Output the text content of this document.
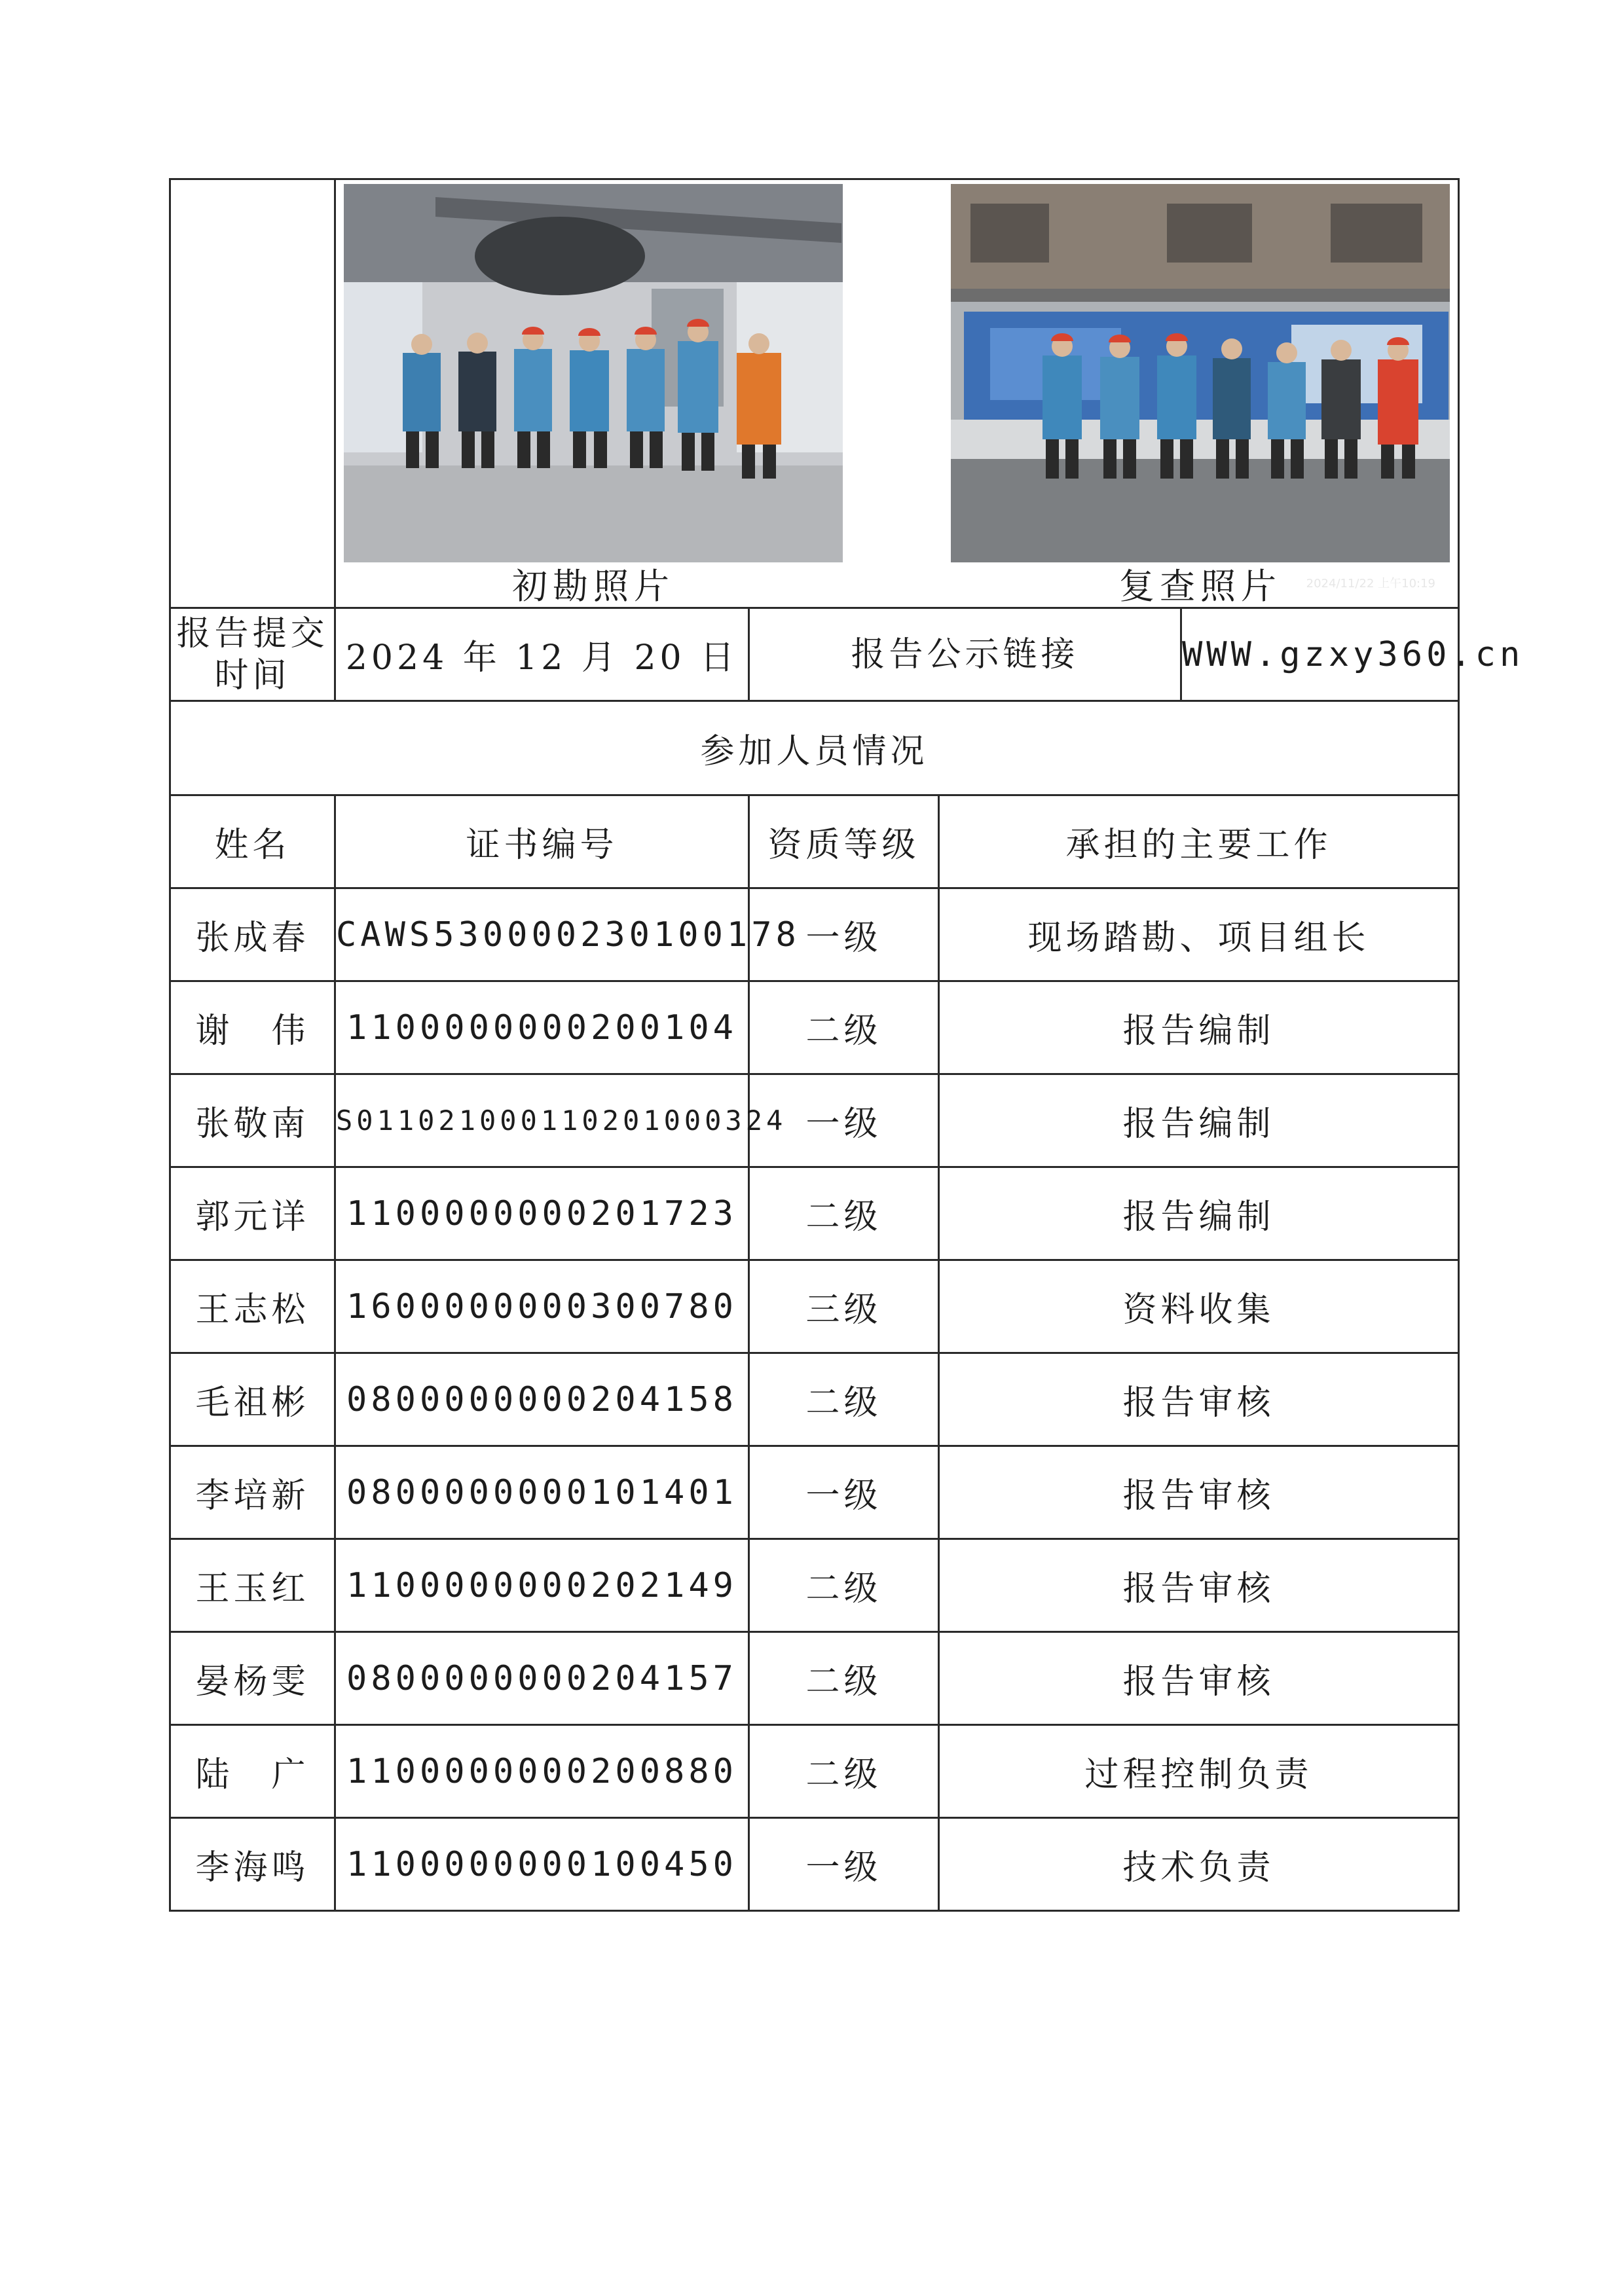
	初勘照片 2024/11/22 上午10:19
复查照片			

报告提交时间	2024 年 12 月 20 日	报告公示链接		WWW.gzxy360.cn
参加人员情况				
姓名	证书编号	资质等级	承担的主要工作	
张成春	CAWS530000230100178	一级	现场踏勘、项目组长	
谢　伟	1100000000200104	二级	报告编制	
张敬南	S011021000110201000324	一级	报告编制	
郭元详	1100000000201723	二级	报告编制	
王志松	1600000000300780	三级	资料收集	
毛祖彬	0800000000204158	二级	报告审核	
李培新	0800000000101401	一级	报告审核	
王玉红	1100000000202149	二级	报告审核	
晏杨雯	0800000000204157	二级	报告审核	
陆　广	1100000000200880	二级	过程控制负责	
李海鸣	1100000000100450	一级	技术负责	
